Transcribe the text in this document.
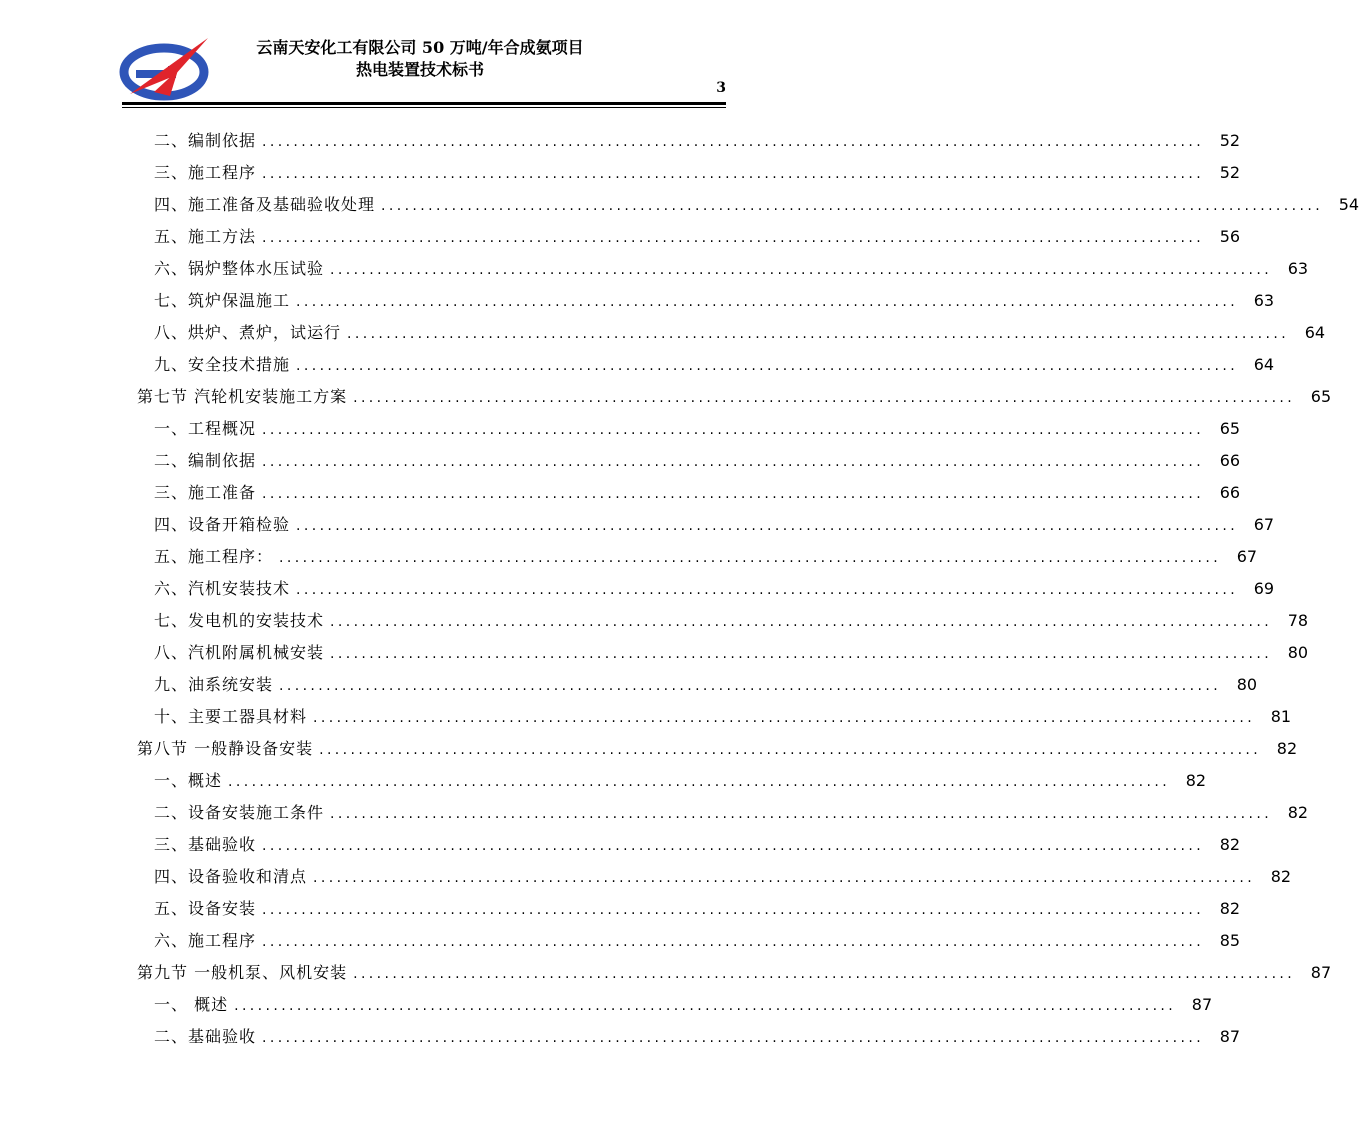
云南天安化工有限公司 50 万吨/年合成氨项目
热电装置技术标书
3
二、编制依据 ........................................................................................................................ 52
三、施工程序 ........................................................................................................................ 52
四、施工准备及基础验收处理 ........................................................................................................................ 54
五、施工方法 ........................................................................................................................ 56
六、锅炉整体水压试验 ........................................................................................................................ 63
七、筑炉保温施工 ........................................................................................................................ 63
八、烘炉、煮炉，试运行 ........................................................................................................................ 64
九、安全技术措施 ........................................................................................................................ 64
第七节 汽轮机安装施工方案 ........................................................................................................................ 65
一、工程概况 ........................................................................................................................ 65
二、编制依据 ........................................................................................................................ 66
三、施工准备 ........................................................................................................................ 66
四、设备开箱检验 ........................................................................................................................ 67
五、施工程序： ........................................................................................................................ 67
六、汽机安装技术 ........................................................................................................................ 69
七、发电机的安装技术 ........................................................................................................................ 78
八、汽机附属机械安装 ........................................................................................................................ 80
九、油系统安装 ........................................................................................................................ 80
十、主要工器具材料 ........................................................................................................................ 81
第八节 一般静设备安装 ........................................................................................................................ 82
一、概述 ........................................................................................................................ 82
二、设备安装施工条件 ........................................................................................................................ 82
三、基础验收 ........................................................................................................................ 82
四、设备验收和清点 ........................................................................................................................ 82
五、设备安装 ........................................................................................................................ 82
六、施工程序 ........................................................................................................................ 85
第九节 一般机泵、风机安装 ........................................................................................................................ 87
一、 概述 ........................................................................................................................ 87
二、基础验收 ........................................................................................................................ 87
